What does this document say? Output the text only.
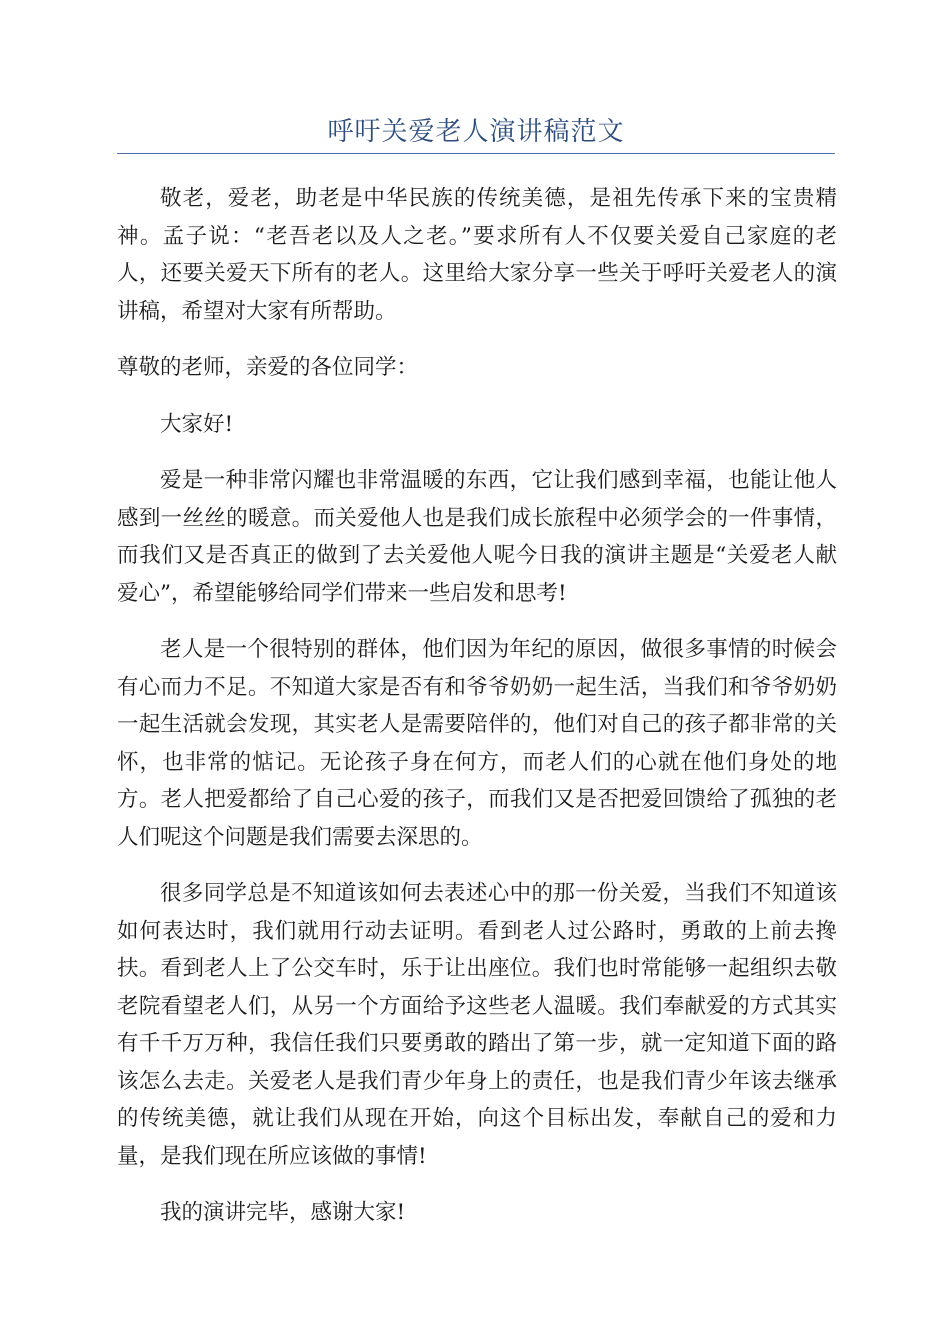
呼吁关爱老人演讲稿范文

敬老，爱老，助老是中华民族的传统美德，是祖先传承下来的宝贵精神。孟子说：“老吾老以及人之老。”要求所有人不仅要关爱自己家庭的老人，还要关爱天下所有的老人。这里给大家分享一些关于呼吁关爱老人的演讲稿，希望对大家有所帮助。

尊敬的老师，亲爱的各位同学：

大家好!

爱是一种非常闪耀也非常温暖的东西，它让我们感到幸福，也能让他人感到一丝丝的暖意。而关爱他人也是我们成长旅程中必须学会的一件事情，而我们又是否真正的做到了去关爱他人呢今日我的演讲主题是“关爱老人献爱心”，希望能够给同学们带来一些启发和思考!

老人是一个很特别的群体，他们因为年纪的原因，做很多事情的时候会有心而力不足。不知道大家是否有和爷爷奶奶一起生活，当我们和爷爷奶奶一起生活就会发现，其实老人是需要陪伴的，他们对自己的孩子都非常的关怀，也非常的惦记。无论孩子身在何方，而老人们的心就在他们身处的地方。老人把爱都给了自己心爱的孩子，而我们又是否把爱回馈给了孤独的老人们呢这个问题是我们需要去深思的。

很多同学总是不知道该如何去表述心中的那一份关爱，当我们不知道该如何表达时，我们就用行动去证明。看到老人过公路时，勇敢的上前去搀扶。看到老人上了公交车时，乐于让出座位。我们也时常能够一起组织去敬老院看望老人们，从另一个方面给予这些老人温暖。我们奉献爱的方式其实有千千万万种，我信任我们只要勇敢的踏出了第一步，就一定知道下面的路该怎么去走。关爱老人是我们青少年身上的责任，也是我们青少年该去继承的传统美德，就让我们从现在开始，向这个目标出发，奉献自己的爱和力量，是我们现在所应该做的事情!

我的演讲完毕，感谢大家!
